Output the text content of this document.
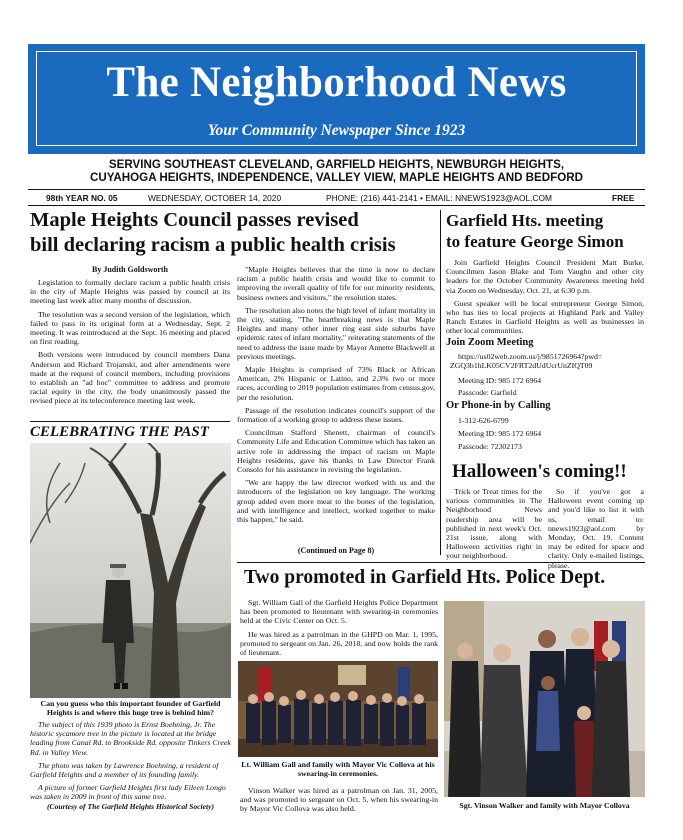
The Neighborhood News
Your Community Newspaper Since 1923
SERVING SOUTHEAST CLEVELAND, GARFIELD HEIGHTS, NEWBURGH HEIGHTS,
CUYAHOGA HEIGHTS, INDEPENDENCE, VALLEY VIEW, MAPLE HEIGHTS AND BEDFORD
98th YEAR NO. 05	WEDNESDAY, OCTOBER 14, 2020	PHONE: (216) 441-2141 • EMAIL: NNEWS1923@AOL.COM	FREE
Maple Heights Council passes revised
bill declaring racism a public health crisis
By Judith Goldsworth

Legislation to formally declare racism a public health crisis in the city of Maple Heights was passed by council at its meeting last week after many months of discussion.

The resolution was a second version of the legislation, which failed to pass in its original form at a Wednesday, Sept. 2 meeting. It was reintroduced at the Sept. 16 meeting and placed on first reading.

Both versions were introduced by council members Dana Anderson and Richard Trojanski, and after amendments were made at the request of council members, including provisions to establish an "ad hoc" committee to address and promote racial equity in the city, the body unanimously passed the revised piece at its teleconference meeting last week.

"Maple Heights believes that the time is now to declare racism a public health crisis and would like to commit to improving the overall quality of life for our minority residents, business owners and visitors," the resolution states.

The resolution also notes the high level of infant mortality in the city, stating, "The heartbreaking news is that Maple Heights and many other inner ring east side suburbs have epidemic rates of infant mortality," reiterating statements of the need to address the issue made by Mayor Annette Blackwell at previous meetings.

Maple Heights is comprised of 73% Black or African American, 2% Hispanic or Latino, and 2.3% two or more races, according to 2019 population estimates from census.gov, per the resolution.

Passage of the resolution indicates council's support of the formation of a working group to address these issues.

Councilman Stafford Shenett, chairman of council's Community Life and Education Committee which has taken an active role in addressing the impact of racism on Maple Heights residents, gave his thanks to Law Director Frank Consolo for his assistance in revising the legislation.

"We are happy the law director worked with us and the introducers of the legislation on key language. The working group added even more meat to the bones of the legislation, and with intelligence and intellect, worked together to make this happen," he said.

(Continued on Page 8)
CELEBRATING THE PAST
Can you guess who this important founder of Garfield Heights is and where this huge tree is behind him?

The subject of this 1939 photo is Ernst Boehning, Jr. The historic sycamore tree in the picture is located at the bridge leading from Canal Rd. to Brookside Rd. opposite Tinkers Creek Rd. in Valley View.

The photo was taken by Lawrence Boehning, a resident of Garfield Heights and a member of its founding family.

A picture of former Garfield Heights first lady Eileen Longo was taken in 2009 in front of this same tree.

(Courtesy of The Garfield Heights Historical Society)
Garfield Hts. meeting
to feature George Simon

Join Garfield Heights Council President Matt Burke, Councilmen Jason Blake and Tom Vaughn and other city leaders for the October Community Awareness meeting held via Zoom on Wednesday, Oct. 21, at 6:30 p.m.

Guest speaker will be local entrepreneur George Simon, who has ties to local projects at Highland Park and Valley Ranch Estates in Garfield Heights as well as businesses in other local communities.

Join Zoom Meeting
https://us02web.zoom.us/j/9851726964?pwd=
ZGQ3b1hLK05CV2FRT2dUdUcrUnZIQT09
Meeting ID: 985 172 6964
Passcode: Garfield
Or Phone-in by Calling
1-312-626-6799
Meeting ID: 985 172 6964
Passcode: 72302173
Halloween's coming!!

Trick or Treat times for the various communities in The Neighborhood News readership area will be published in next week's Oct. 21st issue, along with Halloween activities right in your neighborhood.

So if you've got a Halloween event coming up and you'd like to list it with us, email to: nnews1923@aol.com by Monday, Oct. 19. Content may be edited for space and clarity. Only e-mailed listings, please.

Two promoted in Garfield Hts. Police Dept.

Sgt. William Gall of the Garfield Heights Police Department has been promoted to lieutenant with swearing-in ceremonies held at the Civic Center on Oct. 5.

He was hired as a patrolman in the GHPD on Mar. 1, 1995, promoted to sergeant on Jan. 26, 2018, and now holds the rank of lieutenant.

Lt. William Gall and family with Mayor Vic Collova at his swearing-in ceremonies.

Vinson Walker was hired as a patrolman on Jan. 31, 2005, and was promoted to sergeant on Oct. 5, when his swearing-in by Mayor Vic Collova was also held.	Sgt. Vinson Walker and family with Mayor Collova
